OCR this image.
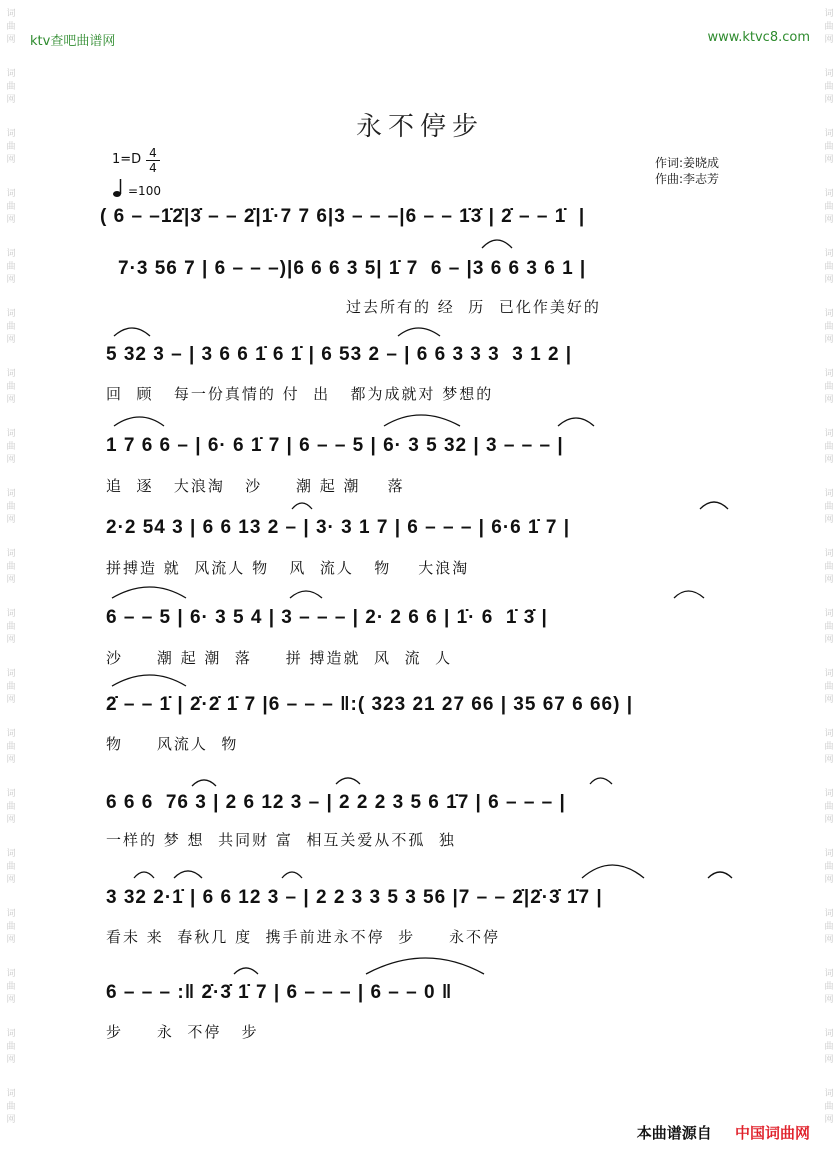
词
曲
网
词
曲
网
词
曲
网
词
曲
网
词
曲
网
词
曲
网
词
曲
网
词
曲
网
词
曲
网
词
曲
网
词
曲
网
词
曲
网
词
曲
网
词
曲
网
词
曲
网
词
曲
网
词
曲
网
词
曲
网
词
曲
网
词
曲
网
词
曲
网
词
曲
网
词
曲
网
词
曲
网
词
曲
网
词
曲
网
词
曲
网
词
曲
网
词
曲
网
词
曲
网
词
曲
网
词
曲
网
词
曲
网
词
曲
网
词
曲
网
词
曲
网
词
曲
网
词
曲
网
ktv查吧曲谱网	www.ktvc8.com
永不停步
1=D 4
4
=100
作词:姜晓成
作曲:李志芳
( 6 – –1̇2̇|3̇ – – 2̇|1̇·7 7 6|3 – – –|6 – – 1̇3̇ | 2̇ – – 1̇  |
7·3 56 7 | 6 – – –)|6 6 6 3 5| 1̇ 7  6 – |3 6 6 3 6 1 |
过去所有的 经  历  已化作美好的
5 32 3 – | 3 6 6 1̇ 6 1̇ | 6 53 2 – | 6 6 3 3 3  3 1 2 |
回  顾   每一份真情的 付  出   都为成就对 梦想的
1 7 6 6 – | 6· 6 1̇ 7 | 6 – – 5 | 6· 3 5 32 | 3 – – – |
追  逐   大浪淘   沙     潮 起 潮    落
2·2 54 3 | 6 6 13 2 – | 3· 3 1 7 | 6 – – – | 6·6 1̇ 7 |
拼搏造 就  风流人 物   风  流人   物    大浪淘
6 – – 5 | 6· 3 5 4 | 3 – – – | 2· 2 6 6 | 1̇· 6  1̇ 3̇ |
沙     潮 起 潮  落     拼 搏造就  风  流  人
2̇ – – 1̇ | 2̇·2̇ 1̇ 7 |6 – – – ‖:( 323 21 27 66 | 35 67 6 66) |
物     风流人  物
6 6 6  76 3 | 2 6 12 3 – | 2 2 2 3 5 6 1̇7 | 6 – – – |
一样的 梦 想  共同财 富  相互关爱从不孤  独
3 32 2·1̇ | 6 6 12 3 – | 2 2 3 3 5 3 56 |7 – – 2̇|2̇·3̇ 1̇7 |
看未 来  春秋几 度  携手前进永不停  步     永不停
6 – – – :‖ 2̇·3̇ 1̇ 7 | 6 – – – | 6 – – 0 ‖
步     永  不停   步
本曲谱源自 中国词曲网
